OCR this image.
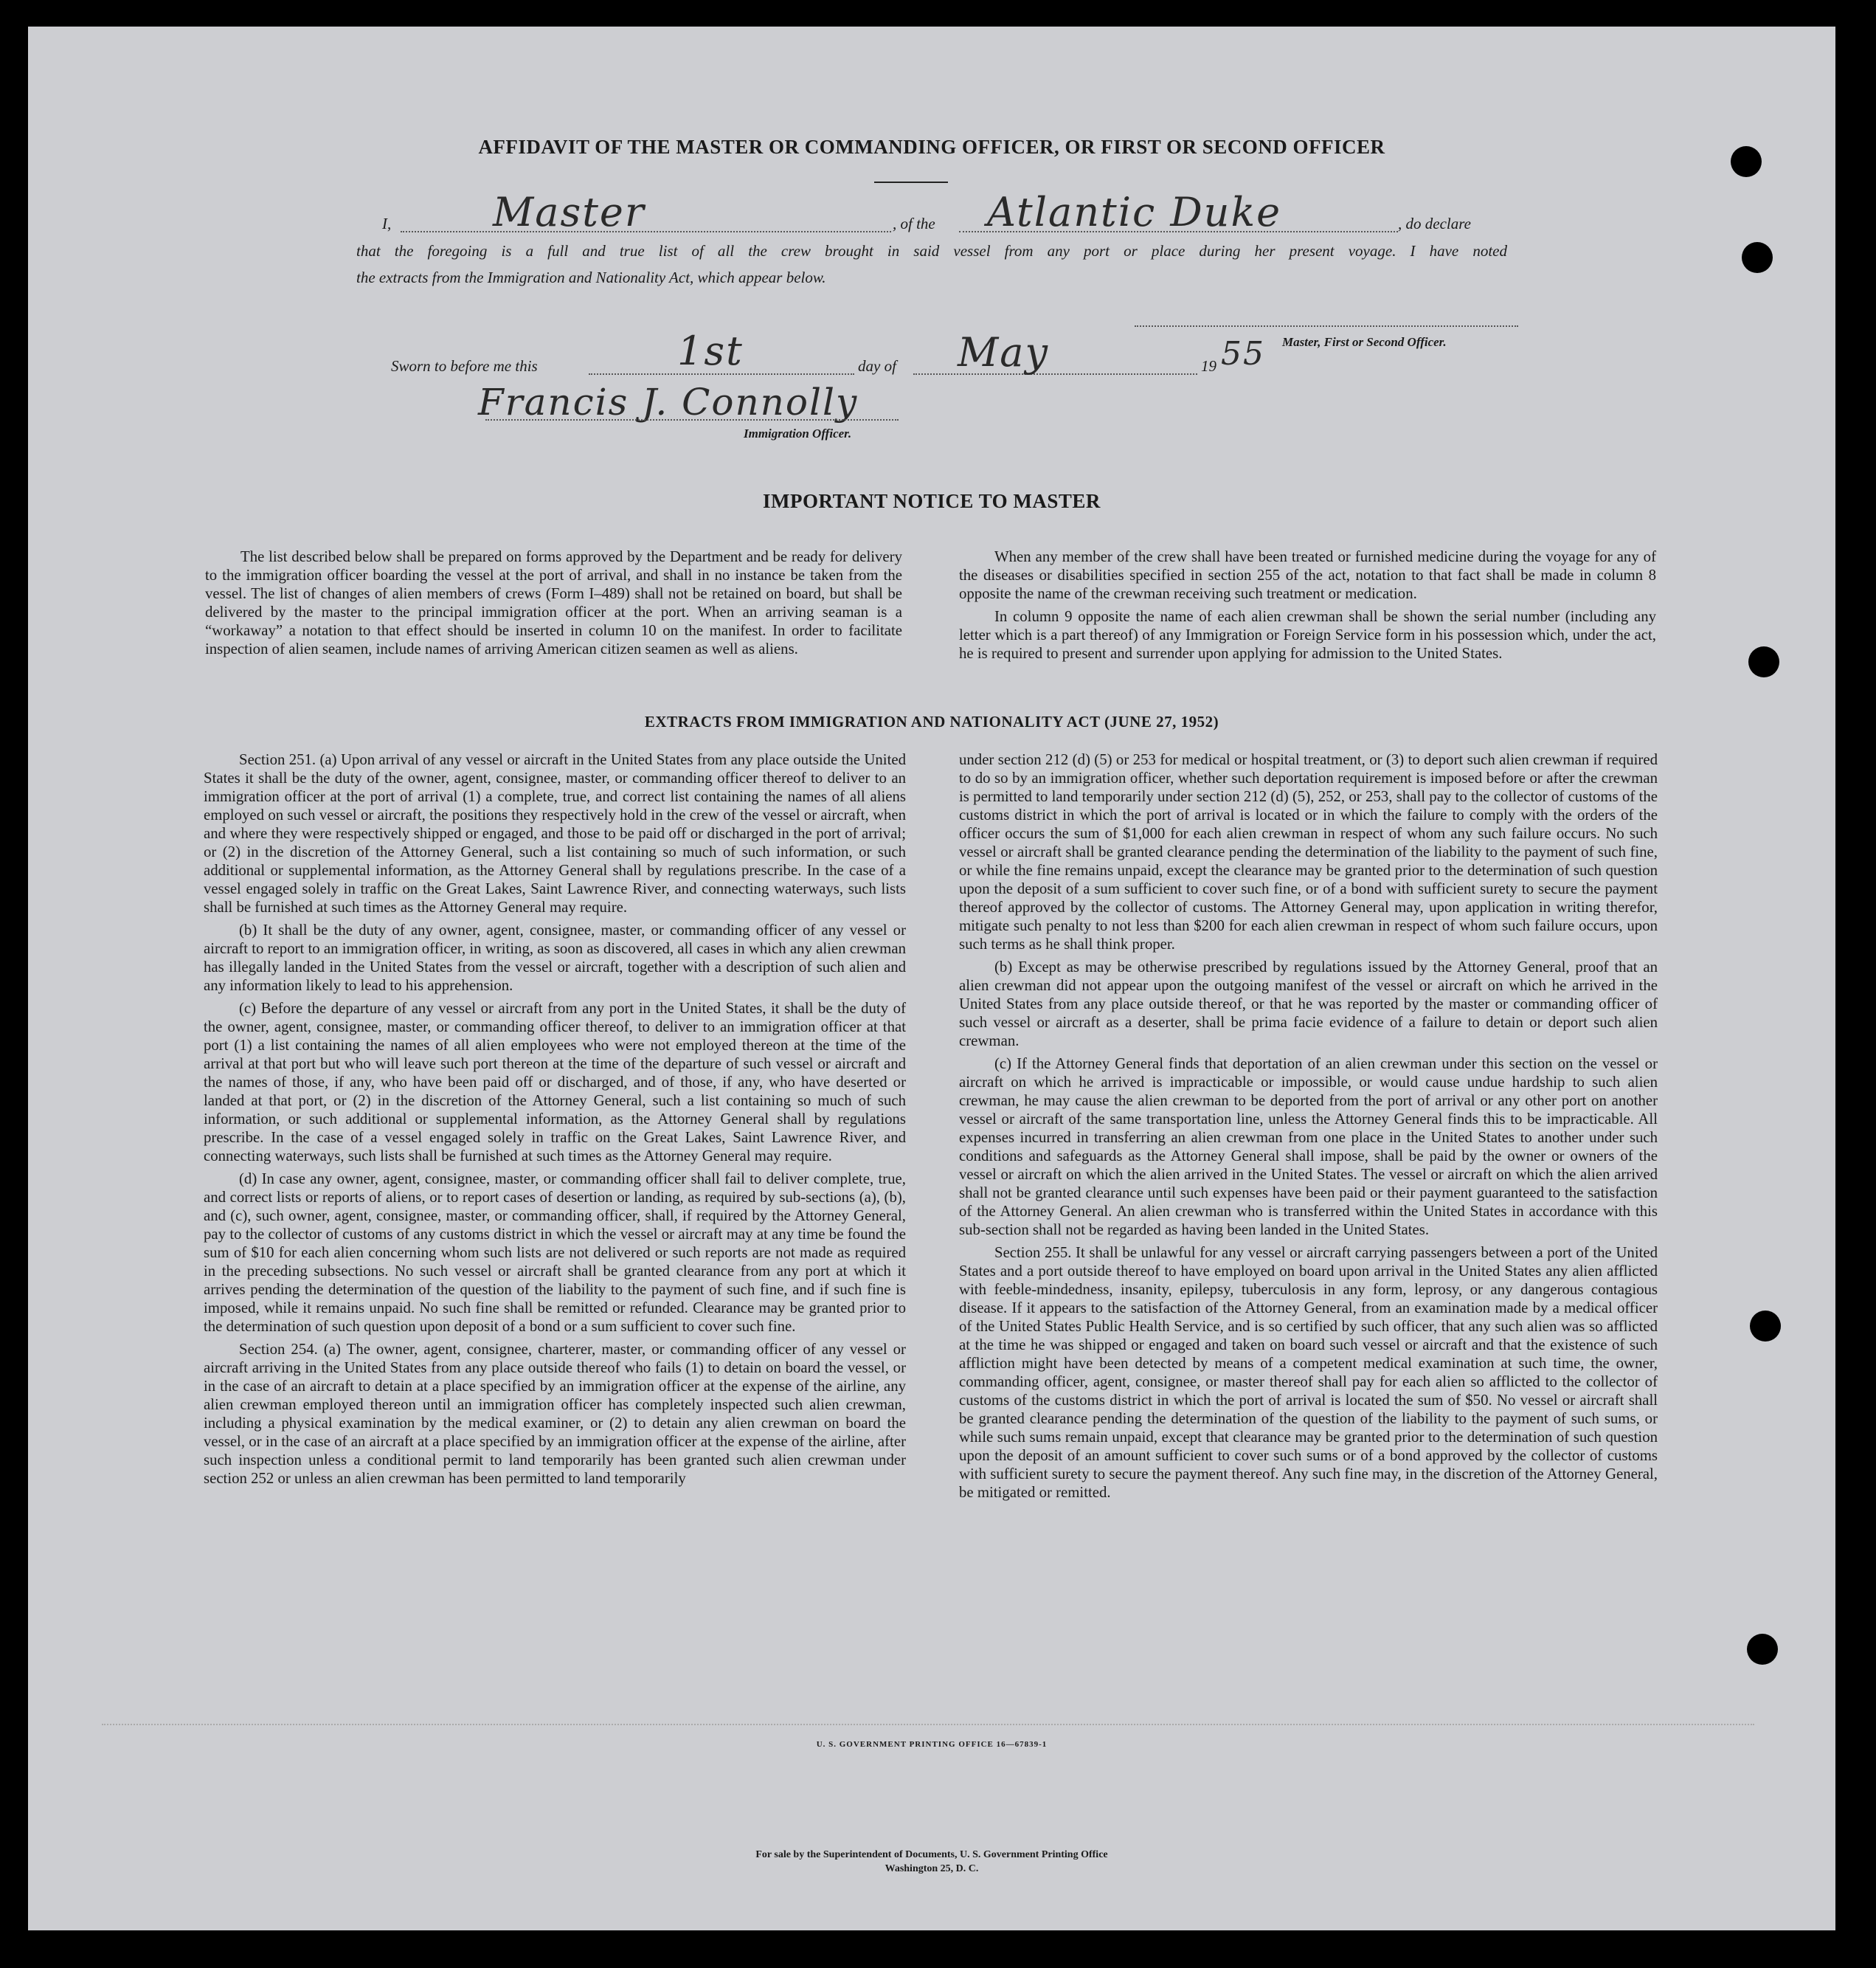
AFFIDAVIT OF THE MASTER OR COMMANDING OFFICER, OR FIRST OR SECOND OFFICER
I,	Master	, of the Atlantic Duke	, do declare
that the foregoing is a full and true list of all the crew brought in said vessel from any port or place during her present voyage. I have noted
the extracts from the Immigration and Nationality Act, which appear below.
Master, First or Second Officer.
Sworn to before me this	1st	day of May	19 55
Francis J. Connolly
Immigration Officer.
IMPORTANT NOTICE TO MASTER

The list described below shall be prepared on forms approved by the Department and be ready for delivery to the immigration officer boarding the vessel at the port of arrival, and shall in no instance be taken from the vessel. The list of changes of alien members of crews (Form I–489) shall not be retained on board, but shall be delivered by the master to the principal immigration officer at the port. When an arriving seaman is a “workaway” a notation to that effect should be inserted in column 10 on the manifest. In order to facilitate inspection of alien seamen, include names of arriving American citizen seamen as well as aliens.

When any member of the crew shall have been treated or furnished medicine during the voyage for any of the diseases or disabilities specified in section 255 of the act, notation to that fact shall be made in column 8 opposite the name of the crewman receiving such treatment or medication.

In column 9 opposite the name of each alien crewman shall be shown the serial number (including any letter which is a part thereof) of any Immigration or Foreign Service form in his possession which, under the act, he is required to present and surrender upon applying for admission to the United States.

EXTRACTS FROM IMMIGRATION AND NATIONALITY ACT (JUNE 27, 1952)

Section 251. (a) Upon arrival of any vessel or aircraft in the United States from any place outside the United States it shall be the duty of the owner, agent, consignee, master, or commanding officer thereof to deliver to an immigration officer at the port of arrival (1) a complete, true, and correct list containing the names of all aliens employed on such vessel or aircraft, the positions they respectively hold in the crew of the vessel or aircraft, when and where they were respectively shipped or engaged, and those to be paid off or discharged in the port of arrival; or (2) in the discretion of the Attorney General, such a list containing so much of such information, or such additional or supplemental information, as the Attorney General shall by regulations prescribe. In the case of a vessel engaged solely in traffic on the Great Lakes, Saint Lawrence River, and connecting waterways, such lists shall be furnished at such times as the Attorney General may require.

(b) It shall be the duty of any owner, agent, consignee, master, or commanding officer of any vessel or aircraft to report to an immigration officer, in writing, as soon as discovered, all cases in which any alien crewman has illegally landed in the United States from the vessel or aircraft, together with a description of such alien and any information likely to lead to his apprehension.

(c) Before the departure of any vessel or aircraft from any port in the United States, it shall be the duty of the owner, agent, consignee, master, or commanding officer thereof, to deliver to an immigration officer at that port (1) a list containing the names of all alien employees who were not employed thereon at the time of the arrival at that port but who will leave such port thereon at the time of the departure of such vessel or aircraft and the names of those, if any, who have been paid off or discharged, and of those, if any, who have deserted or landed at that port, or (2) in the discretion of the Attorney General, such a list containing so much of such information, or such additional or supplemental information, as the Attorney General shall by regulations prescribe. In the case of a vessel engaged solely in traffic on the Great Lakes, Saint Lawrence River, and connecting waterways, such lists shall be furnished at such times as the Attorney General may require.

(d) In case any owner, agent, consignee, master, or commanding officer shall fail to deliver complete, true, and correct lists or reports of aliens, or to report cases of desertion or landing, as required by sub-sections (a), (b), and (c), such owner, agent, consignee, master, or commanding officer, shall, if required by the Attorney General, pay to the collector of customs of any customs district in which the vessel or aircraft may at any time be found the sum of $10 for each alien concerning whom such lists are not delivered or such reports are not made as required in the preceding subsections. No such vessel or aircraft shall be granted clearance from any port at which it arrives pending the determination of the question of the liability to the payment of such fine, and if such fine is imposed, while it remains unpaid. No such fine shall be remitted or refunded. Clearance may be granted prior to the determination of such question upon deposit of a bond or a sum sufficient to cover such fine.

Section 254. (a) The owner, agent, consignee, charterer, master, or commanding officer of any vessel or aircraft arriving in the United States from any place outside thereof who fails (1) to detain on board the vessel, or in the case of an aircraft to detain at a place specified by an immigration officer at the expense of the airline, any alien crewman employed thereon until an immigration officer has completely inspected such alien crewman, including a physical examination by the medical examiner, or (2) to detain any alien crewman on board the vessel, or in the case of an aircraft at a place specified by an immigration officer at the expense of the airline, after such inspection unless a conditional permit to land temporarily has been granted such alien crewman under section 252 or unless an alien crewman has been permitted to land temporarily

under section 212 (d) (5) or 253 for medical or hospital treatment, or (3) to deport such alien crewman if required to do so by an immigration officer, whether such deportation requirement is imposed before or after the crewman is permitted to land temporarily under section 212 (d) (5), 252, or 253, shall pay to the collector of customs of the customs district in which the port of arrival is located or in which the failure to comply with the orders of the officer occurs the sum of $1,000 for each alien crewman in respect of whom any such failure occurs. No such vessel or aircraft shall be granted clearance pending the determination of the liability to the payment of such fine, or while the fine remains unpaid, except the clearance may be granted prior to the determination of such question upon the deposit of a sum sufficient to cover such fine, or of a bond with sufficient surety to secure the payment thereof approved by the collector of customs. The Attorney General may, upon application in writing therefor, mitigate such penalty to not less than $200 for each alien crewman in respect of whom such failure occurs, upon such terms as he shall think proper.

(b) Except as may be otherwise prescribed by regulations issued by the Attorney General, proof that an alien crewman did not appear upon the outgoing manifest of the vessel or aircraft on which he arrived in the United States from any place outside thereof, or that he was reported by the master or commanding officer of such vessel or aircraft as a deserter, shall be prima facie evidence of a failure to detain or deport such alien crewman.

(c) If the Attorney General finds that deportation of an alien crewman under this section on the vessel or aircraft on which he arrived is impracticable or impossible, or would cause undue hardship to such alien crewman, he may cause the alien crewman to be deported from the port of arrival or any other port on another vessel or aircraft of the same transportation line, unless the Attorney General finds this to be impracticable. All expenses incurred in transferring an alien crewman from one place in the United States to another under such conditions and safeguards as the Attorney General shall impose, shall be paid by the owner or owners of the vessel or aircraft on which the alien arrived in the United States. The vessel or aircraft on which the alien arrived shall not be granted clearance until such expenses have been paid or their payment guaranteed to the satisfaction of the Attorney General. An alien crewman who is transferred within the United States in accordance with this sub-section shall not be regarded as having been landed in the United States.

Section 255. It shall be unlawful for any vessel or aircraft carrying passengers between a port of the United States and a port outside thereof to have employed on board upon arrival in the United States any alien afflicted with feeble-mindedness, insanity, epilepsy, tuberculosis in any form, leprosy, or any dangerous contagious disease. If it appears to the satisfaction of the Attorney General, from an examination made by a medical officer of the United States Public Health Service, and is so certified by such officer, that any such alien was so afflicted at the time he was shipped or engaged and taken on board such vessel or aircraft and that the existence of such affliction might have been detected by means of a competent medical examination at such time, the owner, commanding officer, agent, consignee, or master thereof shall pay for each alien so afflicted to the collector of customs of the customs district in which the port of arrival is located the sum of $50. No vessel or aircraft shall be granted clearance pending the determination of the question of the liability to the payment of such sums, or while such sums remain unpaid, except that clearance may be granted prior to the determination of such question upon the deposit of an amount sufficient to cover such sums or of a bond approved by the collector of customs with sufficient surety to secure the payment thereof. Any such fine may, in the discretion of the Attorney General, be mitigated or remitted.

U. S. GOVERNMENT PRINTING OFFICE 16—67839-1
For sale by the Superintendent of Documents, U. S. Government Printing Office
Washington 25, D. C.
